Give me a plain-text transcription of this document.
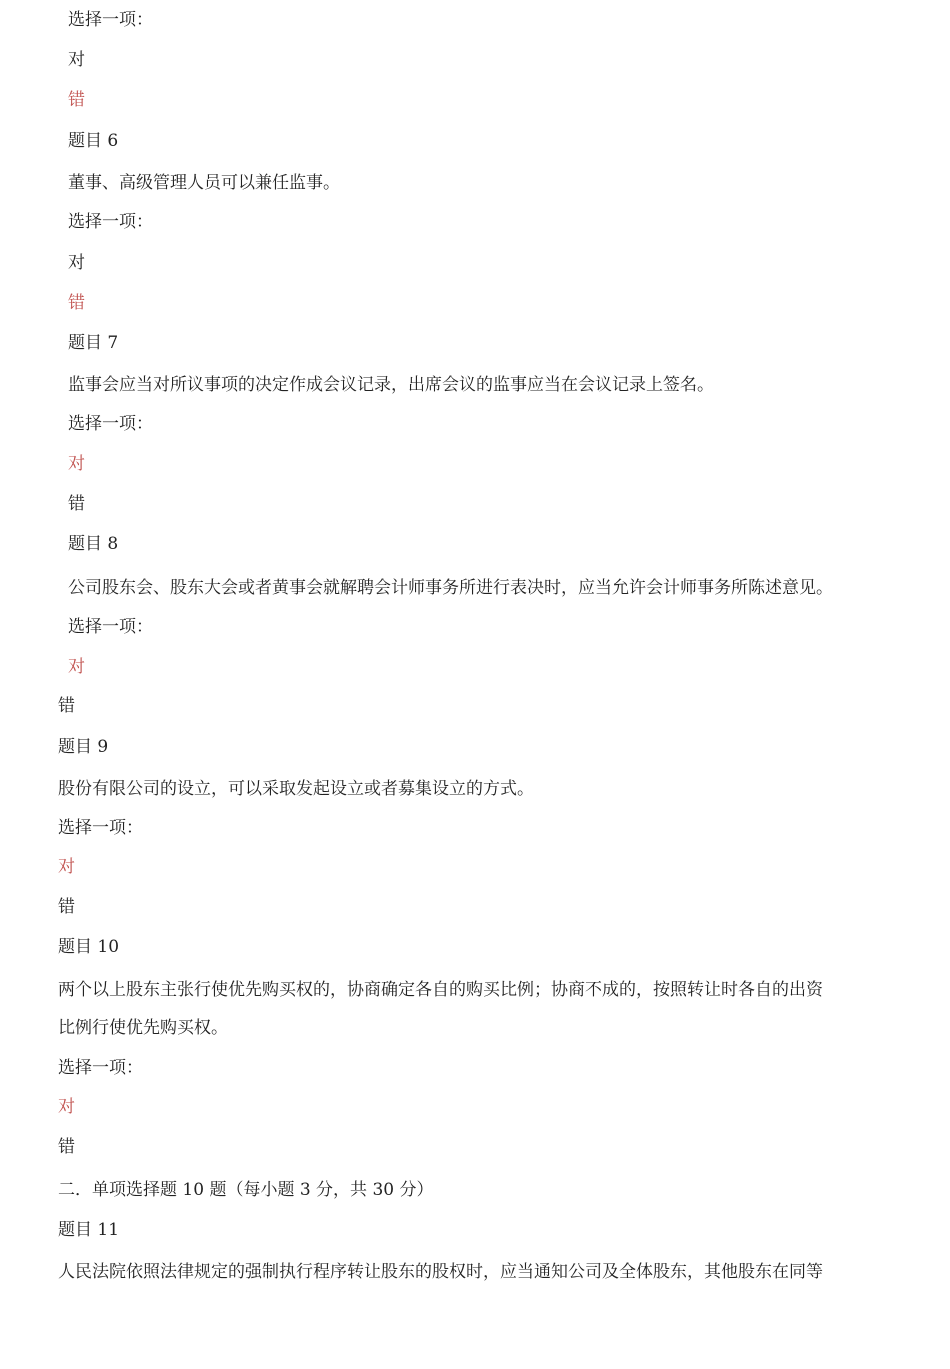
选择一项：
对
错
题目 6
董事、高级管理人员可以兼任监事。
选择一项：
对
错
题目 7
监事会应当对所议事项的决定作成会议记录，出席会议的监事应当在会议记录上签名。
选择一项：
对
错
题目 8
公司股东会、股东大会或者黄事会就解聘会计师事务所进行表决时，应当允许会计师事务所陈述意见。
选择一项：
对
错
题目 9
股份有限公司的设立，可以采取发起设立或者募集设立的方式。
选择一项：
对
错
题目 10
两个以上股东主张行使优先购买权的，协商确定各自的购买比例；协商不成的，按照转让时各自的出资
比例行使优先购买权。
选择一项：
对
错
二．单项选择题 10 题（每小题 3 分，共 30 分）
题目 11
人民法院依照法律规定的强制执行程序转让股东的股权时，应当通知公司及全体股东，其他股东在同等
